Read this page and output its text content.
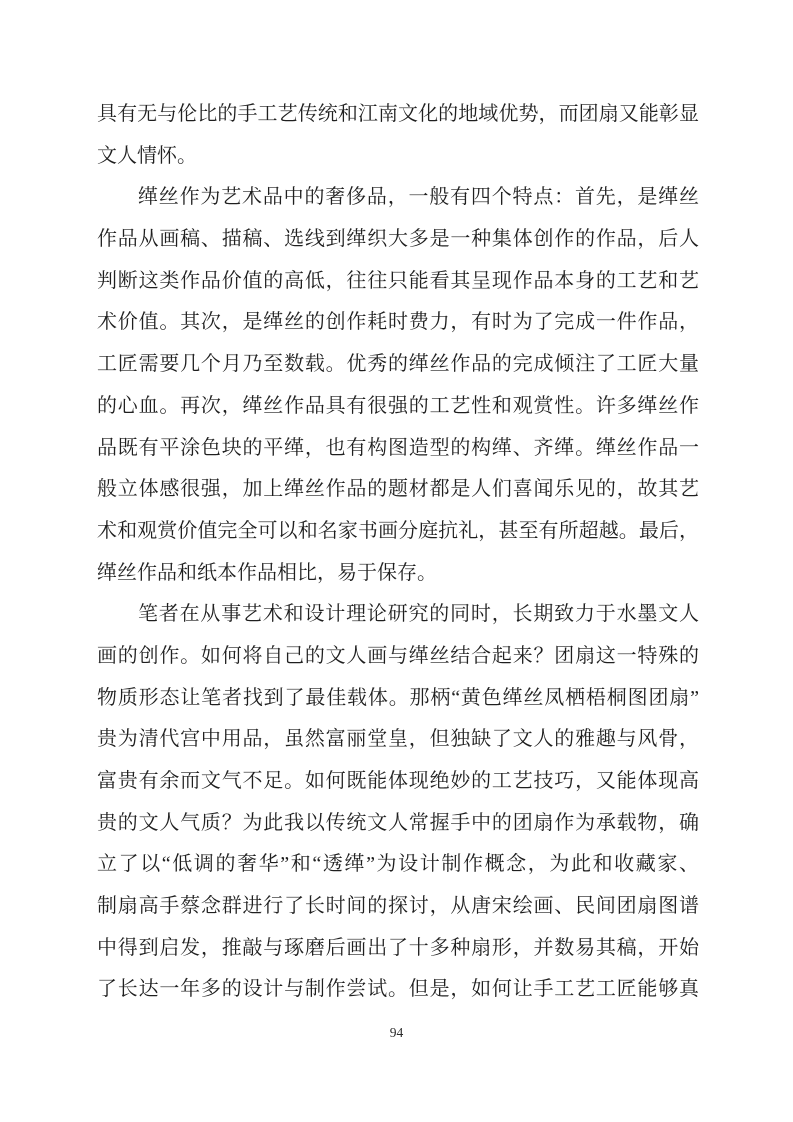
具有无与伦比的手工艺传统和江南文化的地域优势，而团扇又能彰显
文人情怀。
缂丝作为艺术品中的奢侈品，一般有四个特点：首先，是缂丝
作品从画稿、描稿、选线到缂织大多是一种集体创作的作品，后人
判断这类作品价值的高低，往往只能看其呈现作品本身的工艺和艺
术价值。其次，是缂丝的创作耗时费力，有时为了完成一件作品，
工匠需要几个月乃至数载。优秀的缂丝作品的完成倾注了工匠大量
的心血。再次，缂丝作品具有很强的工艺性和观赏性。许多缂丝作
品既有平涂色块的平缂，也有构图造型的构缂、齐缂。缂丝作品一
般立体感很强，加上缂丝作品的题材都是人们喜闻乐见的，故其艺
术和观赏价值完全可以和名家书画分庭抗礼，甚至有所超越。最后，
缂丝作品和纸本作品相比，易于保存。
笔者在从事艺术和设计理论研究的同时，长期致力于水墨文人
画的创作。如何将自己的文人画与缂丝结合起来？团扇这一特殊的
物质形态让笔者找到了最佳载体。那柄“黄色缂丝凤栖梧桐图团扇”
贵为清代宫中用品，虽然富丽堂皇，但独缺了文人的雅趣与风骨，
富贵有余而文气不足。如何既能体现绝妙的工艺技巧，又能体现高
贵的文人气质？为此我以传统文人常握手中的团扇作为承载物，确
立了以“低调的奢华”和“透缂”为设计制作概念，为此和收藏家、
制扇高手蔡念群进行了长时间的探讨，从唐宋绘画、民间团扇图谱
中得到启发，推敲与琢磨后画出了十多种扇形，并数易其稿，开始
了长达一年多的设计与制作尝试。但是，如何让手工艺工匠能够真
94
